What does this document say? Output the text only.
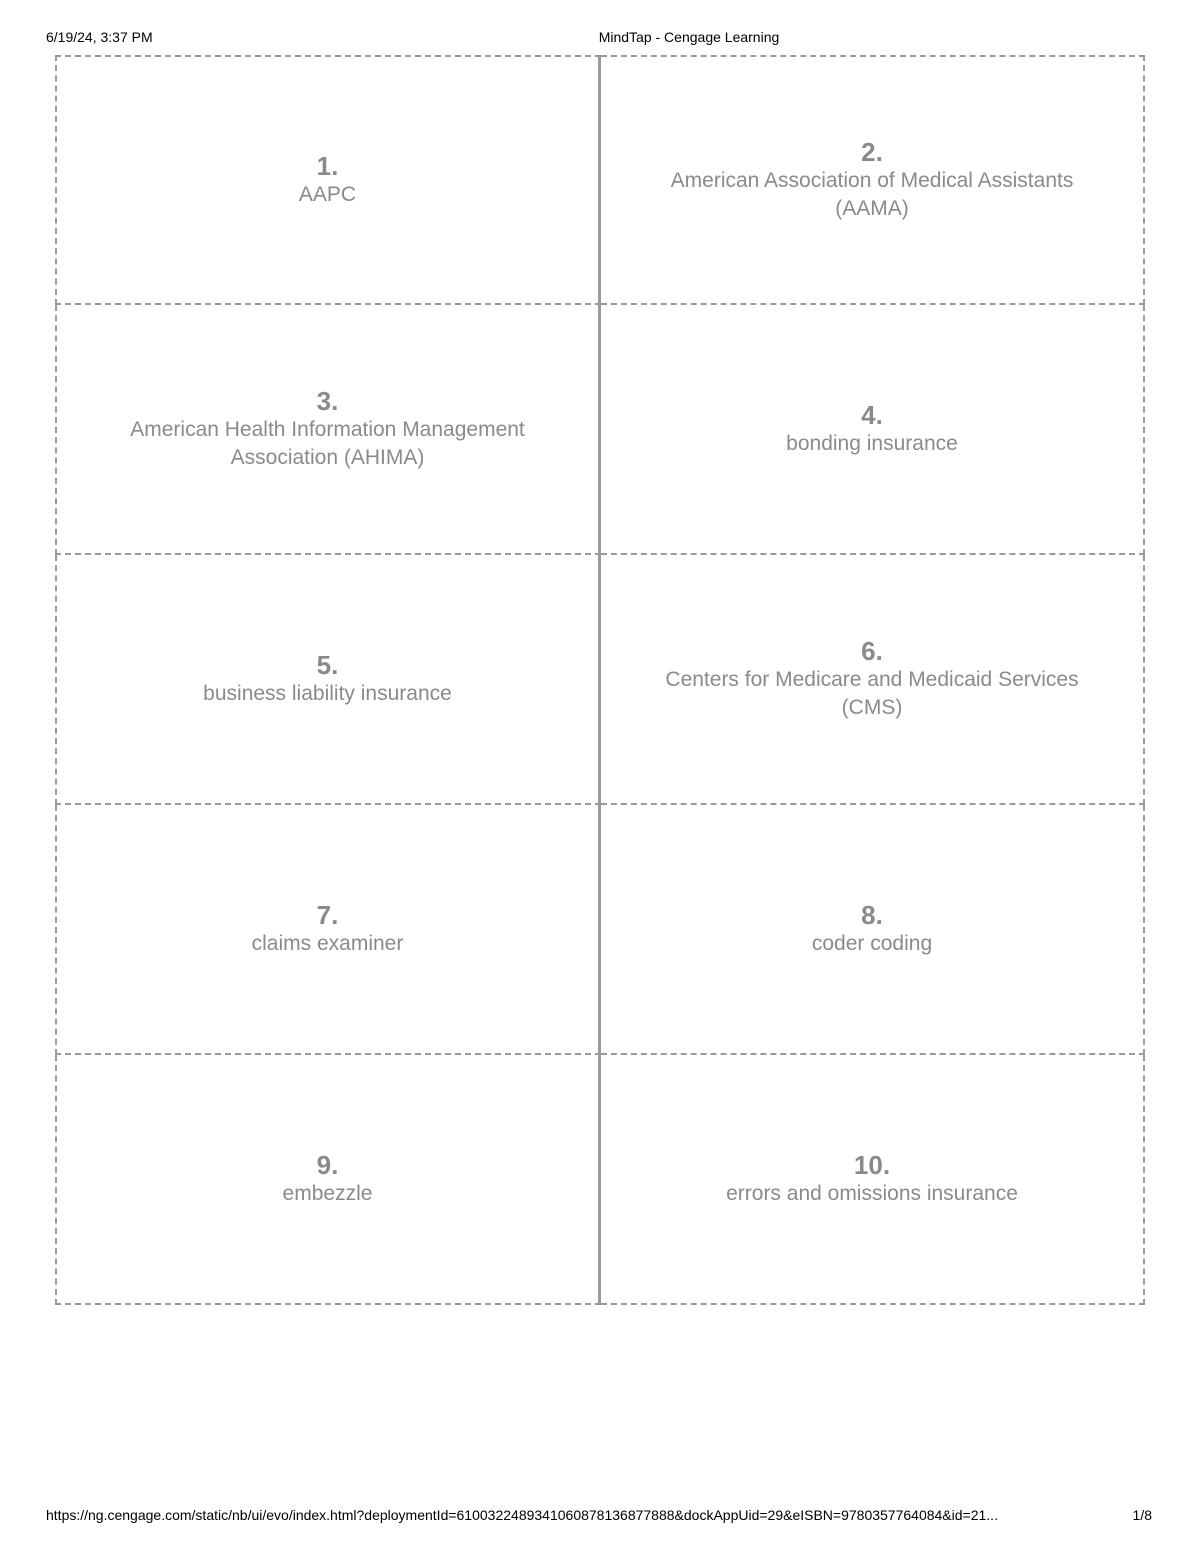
6/19/24, 3:37 PM	MindTap - Cengage Learning
1.
AAPC
2.
American Association of Medical Assistants (AAMA)
3.
American Health Information Management Association (AHIMA)
4.
bonding insurance
5.
business liability insurance
6.
Centers for Medicare and Medicaid Services (CMS)
7.
claims examiner
8.
coder coding
9.
embezzle
10.
errors and omissions insurance
https://ng.cengage.com/static/nb/ui/evo/index.html?deploymentId=6100322489341060878136877888&dockAppUid=29&eISBN=9780357764084&id=21...	1/8
